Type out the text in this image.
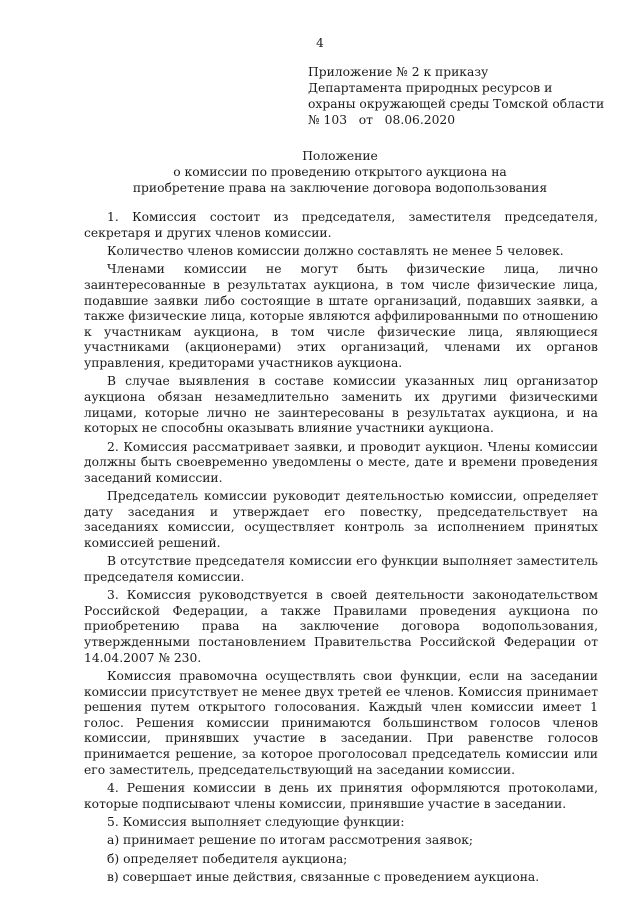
4
Приложение № 2 к приказу
Департамента природных ресурсов и
охраны окружающей среды Томской области
№ 103   от   08.06.2020
Положение
о комиссии по проведению открытого аукциона на
приобретение права на заключение договора водопользования

1. Комиссия состоит из председателя, заместителя председателя, секретаря и других членов комиссии.

Количество членов комиссии должно составлять не менее 5 человек.

Членами комиссии не могут быть физические лица, лично заинтересованные в результатах аукциона, в том числе физические лица, подавшие заявки либо состоящие в штате организаций, подавших заявки, а также физические лица, которые являются аффилированными по отношению к участникам аукциона, в том числе физические лица, являющиеся участниками (акционерами) этих организаций, членами их органов управления, кредиторами участников аукциона.

В случае выявления в составе комиссии указанных лиц организатор аукциона обязан незамедлительно заменить их другими физическими лицами, которые лично не заинтересованы в результатах аукциона, и на которых не способны оказывать влияние участники аукциона.

2. Комиссия рассматривает заявки, и проводит аукцион. Члены комиссии должны быть своевременно уведомлены о месте, дате и времени проведения заседаний комиссии.

Председатель комиссии руководит деятельностью комиссии, определяет дату заседания и утверждает его повестку, председательствует на заседаниях комиссии, осуществляет контроль за исполнением принятых комиссией решений.

В отсутствие председателя комиссии его функции выполняет заместитель председателя комиссии.

3. Комиссия руководствуется в своей деятельности законодательством Российской Федерации, а также Правилами проведения аукциона по приобретению права на заключение договора водопользования, утвержденными постановлением Правительства Российской Федерации от 14.04.2007 № 230.

Комиссия правомочна осуществлять свои функции, если на заседании комиссии присутствует не менее двух третей ее членов. Комиссия принимает решения путем открытого голосования. Каждый член комиссии имеет 1 голос. Решения комиссии принимаются большинством голосов членов комиссии, принявших участие в заседании. При равенстве голосов принимается решение, за которое проголосовал председатель комиссии или его заместитель, председательствующий на заседании комиссии.

4. Решения комиссии в день их принятия оформляются протоколами, которые подписывают члены комиссии, принявшие участие в заседании.

5. Комиссия выполняет следующие функции:

а) принимает решение по итогам рассмотрения заявок;

б) определяет победителя аукциона;

в) совершает иные действия, связанные с проведением аукциона.
